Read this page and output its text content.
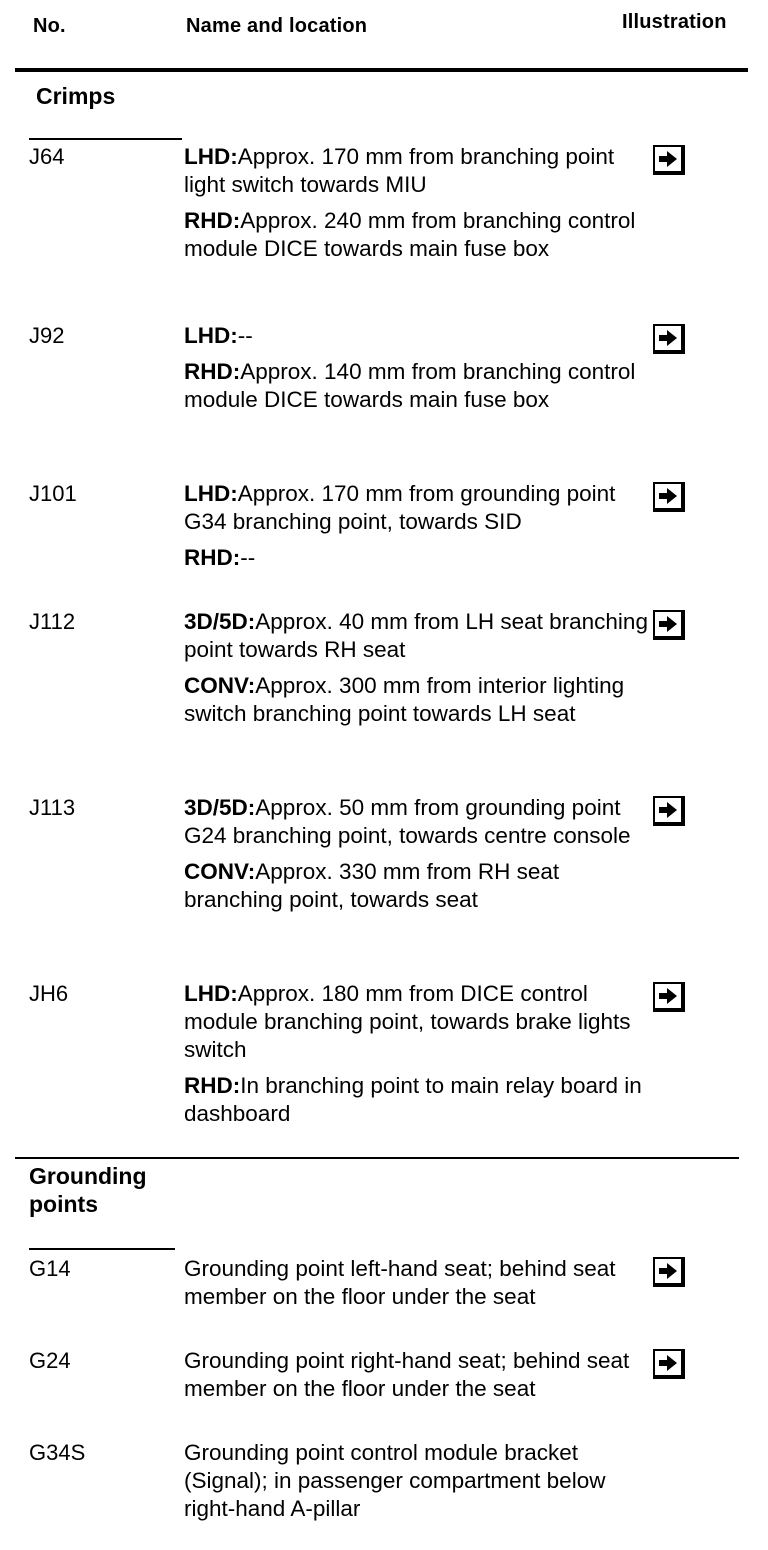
No.	Name and location	Illustration
Crimps
J64	LHD:Approx. 170 mm from branching point light switch towards MIU

RHD:Approx. 240 mm from branching control module DICE towards main fuse box

J92	LHD:--

RHD:Approx. 140 mm from branching control module DICE towards main fuse box

J101	LHD:Approx. 170 mm from grounding point G34 branching point, towards SID

RHD:--

J112	3D/5D:Approx. 40 mm from LH seat branching point towards RH seat

CONV:Approx. 300 mm from interior lighting switch branching point towards LH seat

J113	3D/5D:Approx. 50 mm from grounding point G24 branching point, towards centre console

CONV:Approx. 330 mm from RH seat branching point, towards seat

JH6	LHD:Approx. 180 mm from DICE control module branching point, towards brake lights switch

RHD:In branching point to main relay board in dashboard

Grounding
points
G14	Grounding point left-hand seat; behind seat member on the floor under the seat

G24	Grounding point right-hand seat; behind seat member on the floor under the seat

G34S	Grounding point control module bracket (Signal); in passenger compartment below right-hand A-pillar
